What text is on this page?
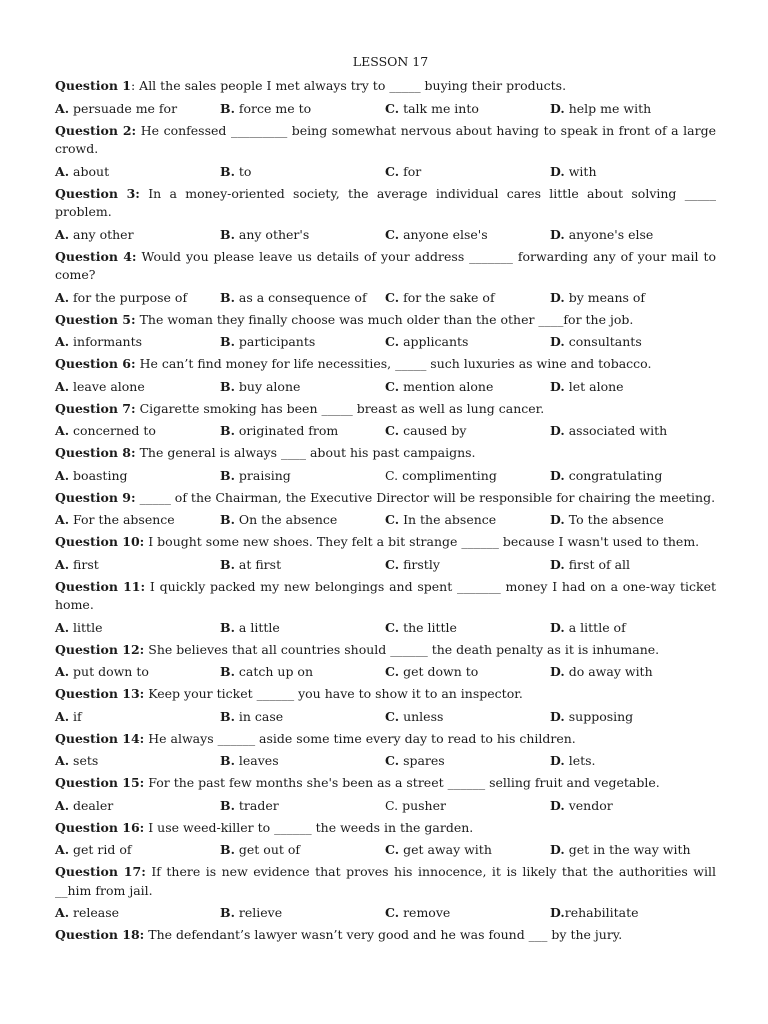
LESSON 17

Question 1: All the sales people I met always try to _____ buying their products.

A. persuade me for	B. force me to	C. talk me into	D. help me with

Question 2: He confessed _________ being somewhat nervous about having to speak in front of a large crowd.

A. about	B. to	C. for	D. with

Question 3: In a money-oriented society, the average individual cares little about solving _____ problem.

A. any other	B. any other's	C. anyone else's	D. anyone's else

Question 4: Would you please leave us details of your address _______ forwarding any of your mail to come?

A. for the purpose of	B. as a consequence of	C. for the sake of	D. by means of

Question 5: The woman they finally choose was much older than the other ____for the job.

A. informants	B. participants	C. applicants	D. consultants

Question 6: He can’t find money for life necessities, _____ such luxuries as wine and tobacco.

A. leave alone	B. buy alone	C. mention alone	D. let alone

Question 7: Cigarette smoking has been _____ breast as well as lung cancer.

A. concerned to	B. originated from	C. caused by	D. associated with

Question 8: The general is always ____ about his past campaigns.

A. boasting	B. praising	C. complimenting	D. congratulating

Question 9: _____ of the Chairman, the Executive Director will be responsible for chairing the meeting.

A. For the absence	B. On the absence	C. In the absence	D. To the absence

Question 10: I bought some new shoes. They felt a bit strange ______ because I wasn't used to them.

A. first	B. at first	C. firstly	D. first of all

Question 11: I quickly packed my new belongings and spent _______ money I had on a one-way ticket home.

A. little	B. a little	C. the little	D. a little of

Question 12: She believes that all countries should ______ the death penalty as it is inhumane.

A. put down to	B. catch up on	C. get down to	D. do away with

Question 13: Keep your ticket ______ you have to show it to an inspector.

A. if	B. in case	C. unless	D. supposing

Question 14: He always ______ aside some time every day to read to his children.

A. sets	B. leaves	C. spares	D. lets.

Question 15: For the past few months she's been as a street ______ selling fruit and vegetable.

A. dealer	B. trader	C. pusher	D. vendor

Question 16: I use weed-killer to ______ the weeds in the garden.

A. get rid of	B. get out of	C. get away with	D. get in the way with

Question 17: If there is new evidence that proves his innocence, it is likely that the authorities will __him from jail.

A. release	B. relieve	C. remove	D.rehabilitate

Question 18: The defendant’s lawyer wasn’t very good and he was found ___ by the jury.
